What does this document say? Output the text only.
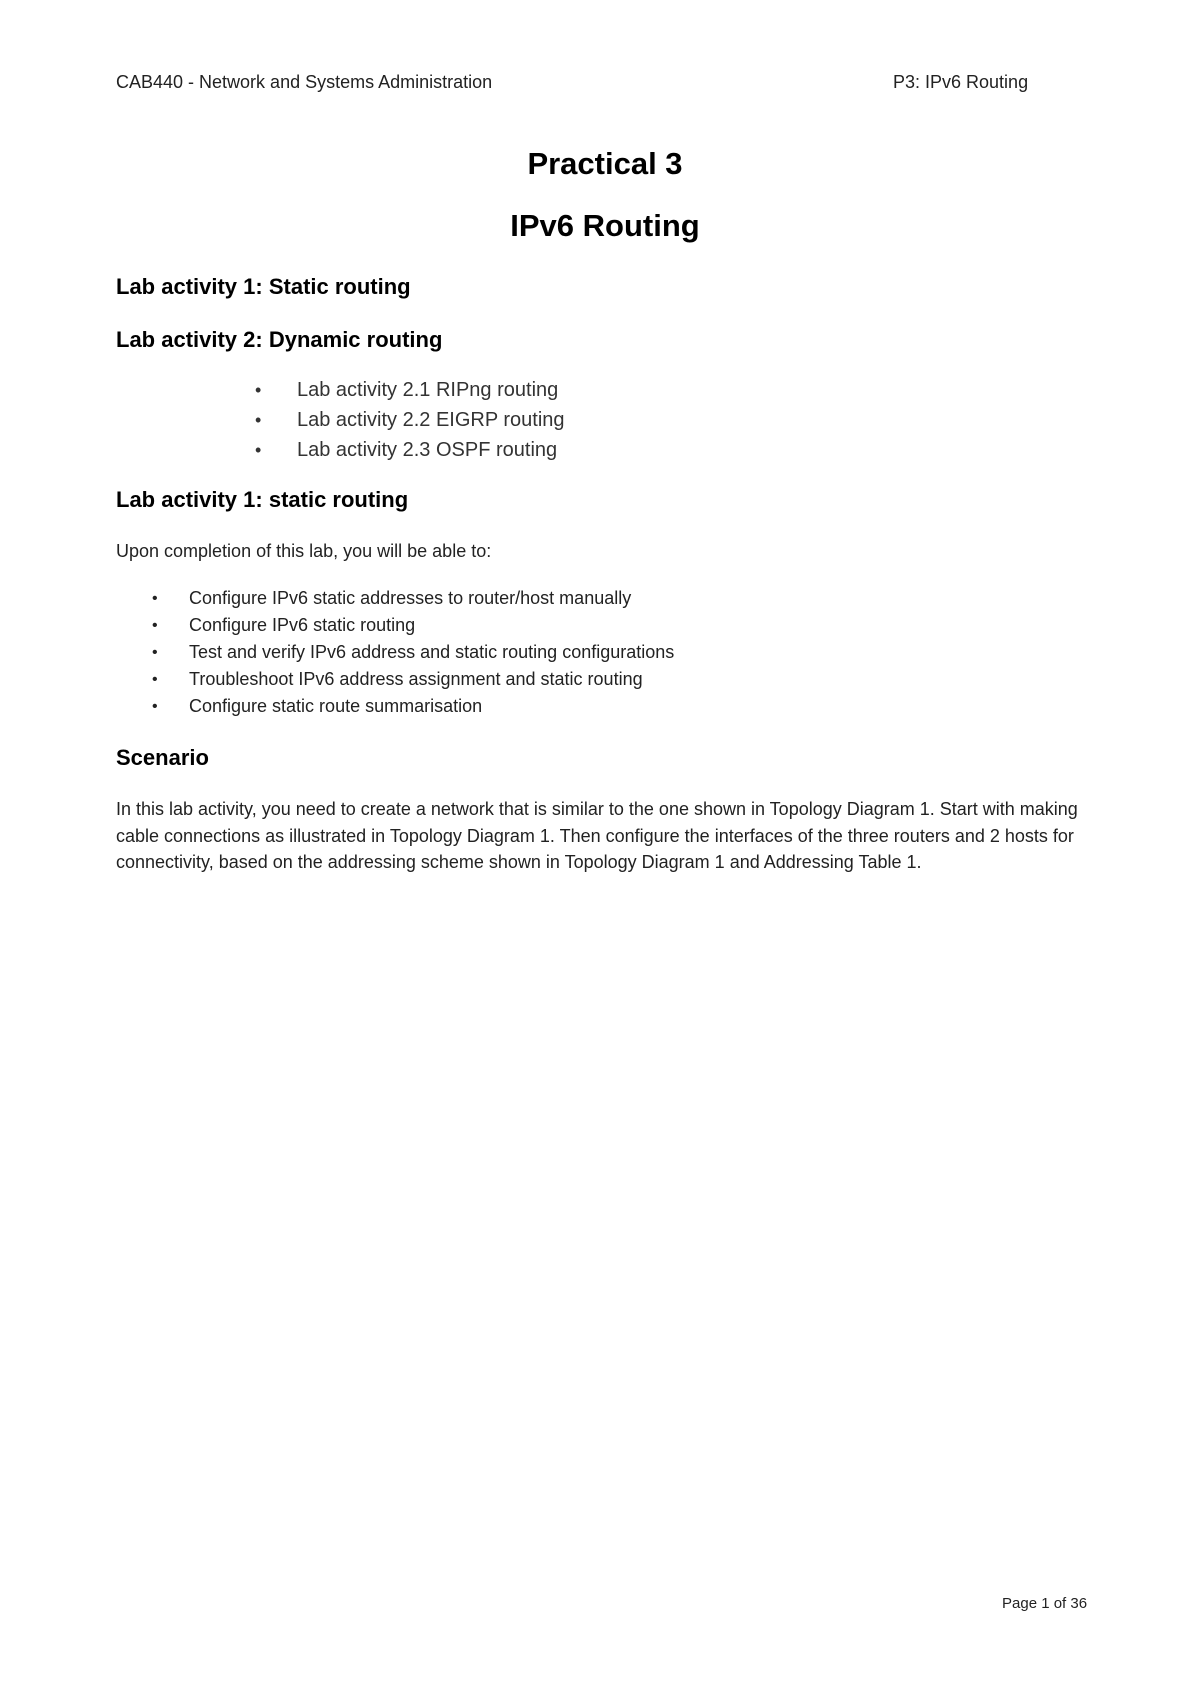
CAB440 - Network and Systems Administration	P3: IPv6 Routing
Practical 3
IPv6 Routing
Lab activity 1: Static routing
Lab activity 2: Dynamic routing
• Lab activity 2.1 RIPng routing
• Lab activity 2.2 EIGRP routing
• Lab activity 2.3 OSPF routing
Lab activity 1: static routing
Upon completion of this lab, you will be able to:
• Configure IPv6 static addresses to router/host manually
• Configure IPv6 static routing
• Test and verify IPv6 address and static routing configurations
• Troubleshoot IPv6 address assignment and static routing
• Configure static route summarisation
Scenario
In this lab activity, you need to create a network that is similar to the one shown in Topology Diagram 1. Start with making cable connections as illustrated in Topology Diagram 1. Then configure the interfaces of the three routers and 2 hosts for connectivity, based on the addressing scheme shown in Topology Diagram 1 and Addressing Table 1.
Page 1 of 36
